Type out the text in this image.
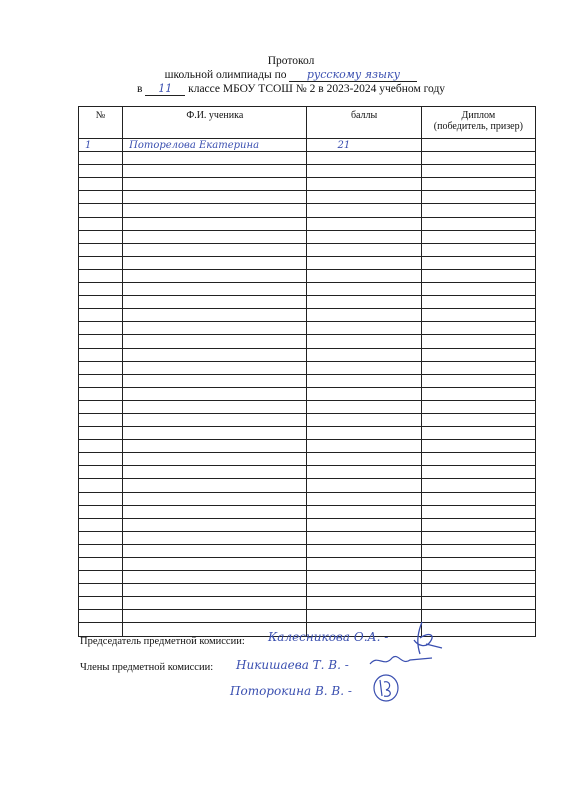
Протокол
школьной олимпиады по русскому языку
в 11 классе МБОУ ТСОШ № 2 в 2023-2024 учебном году
№	Ф.И. ученика	баллы	Диплом
(победитель, призер)

1	Потоpелова Екатерина	21	

Председатель предметной комиссии: Калесникова О.А. -
Члены предметной комиссии: Никишаева Т. В. -
Потоpокина В. В. -
